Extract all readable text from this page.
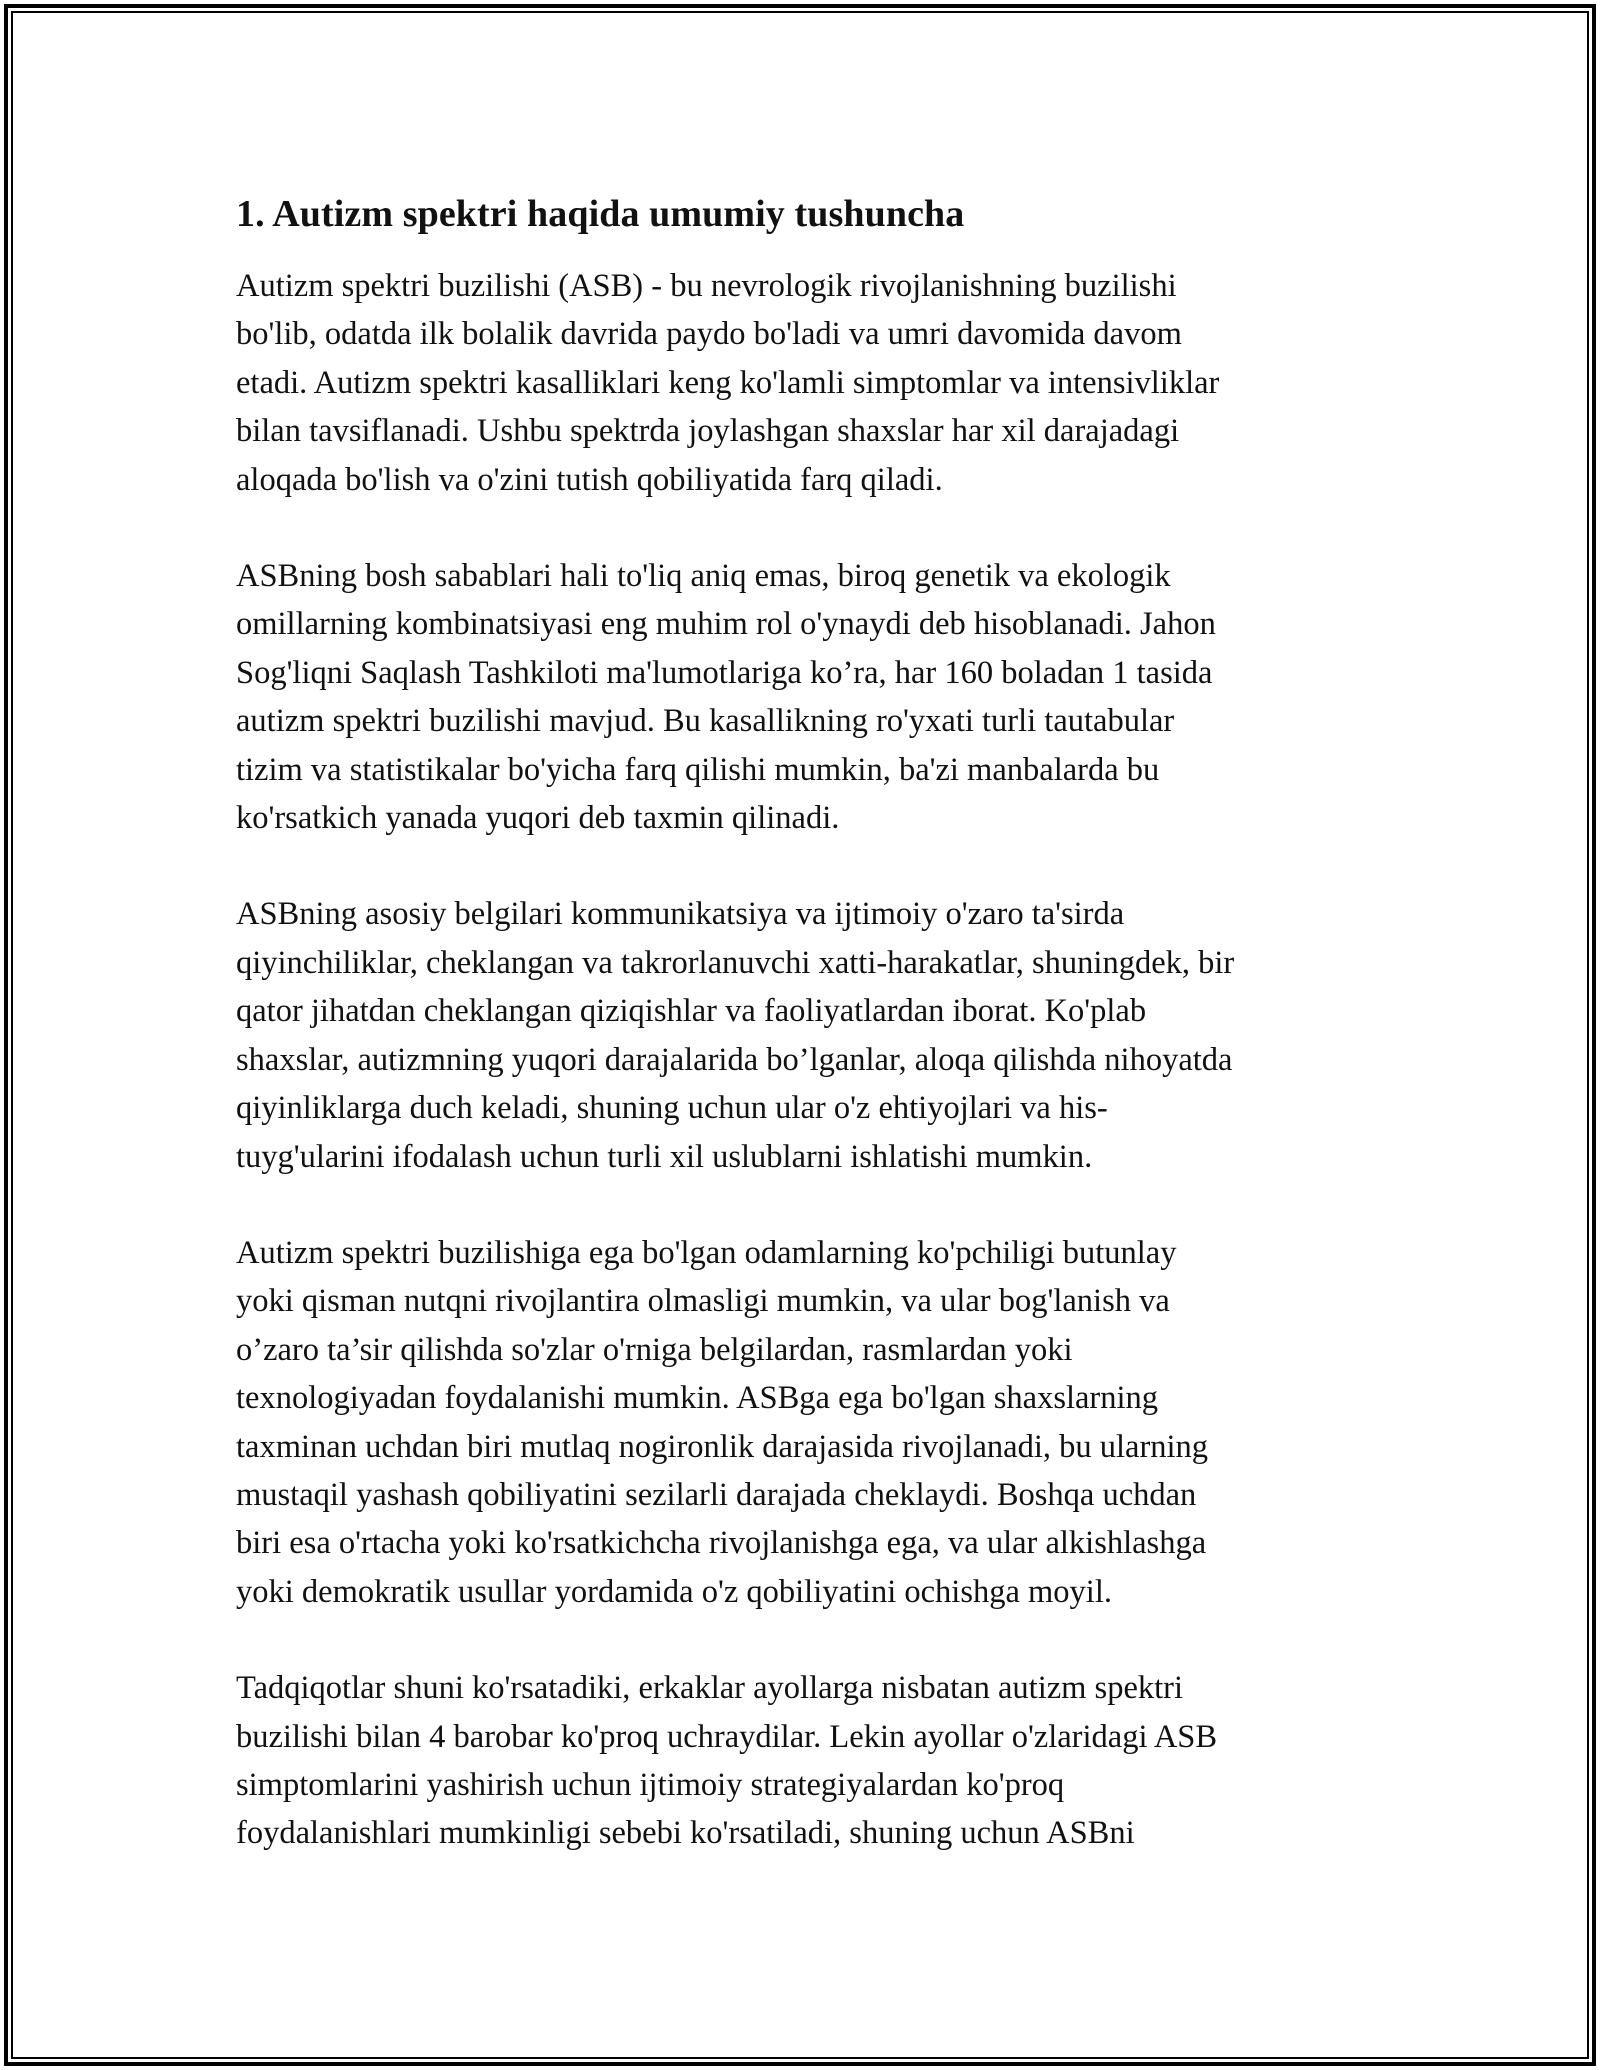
1. Autizm spektri haqida umumiy tushuncha

Autizm spektri buzilishi (ASB) - bu nevrologik rivojlanishning buzilishi
bo'lib, odatda ilk bolalik davrida paydo bo'ladi va umri davomida davom
etadi. Autizm spektri kasalliklari keng ko'lamli simptomlar va intensivliklar
bilan tavsiflanadi. Ushbu spektrda joylashgan shaxslar har xil darajadagi
aloqada bo'lish va o'zini tutish qobiliyatida farq qiladi.

ASBning bosh sabablari hali to'liq aniq emas, biroq genetik va ekologik
omillarning kombinatsiyasi eng muhim rol o'ynaydi deb hisoblanadi. Jahon
Sog'liqni Saqlash Tashkiloti ma'lumotlariga ko’ra, har 160 boladan 1 tasida
autizm spektri buzilishi mavjud. Bu kasallikning ro'yxati turli tautabular
tizim va statistikalar bo'yicha farq qilishi mumkin, ba'zi manbalarda bu
ko'rsatkich yanada yuqori deb taxmin qilinadi.

ASBning asosiy belgilari kommunikatsiya va ijtimoiy o'zaro ta'sirda
qiyinchiliklar, cheklangan va takrorlanuvchi xatti-harakatlar, shuningdek, bir
qator jihatdan cheklangan qiziqishlar va faoliyatlardan iborat. Ko'plab
shaxslar, autizmning yuqori darajalarida bo’lganlar, aloqa qilishda nihoyatda
qiyinliklarga duch keladi, shuning uchun ular o'z ehtiyojlari va his-
tuyg'ularini ifodalash uchun turli xil uslublarni ishlatishi mumkin.

Autizm spektri buzilishiga ega bo'lgan odamlarning ko'pchiligi butunlay
yoki qisman nutqni rivojlantira olmasligi mumkin, va ular bog'lanish va
o’zaro ta’sir qilishda so'zlar o'rniga belgilardan, rasmlardan yoki
texnologiyadan foydalanishi mumkin. ASBga ega bo'lgan shaxslarning
taxminan uchdan biri mutlaq nogironlik darajasida rivojlanadi, bu ularning
mustaqil yashash qobiliyatini sezilarli darajada cheklaydi. Boshqa uchdan
biri esa o'rtacha yoki ko'rsatkichcha rivojlanishga ega, va ular alkishlashga
yoki demokratik usullar yordamida o'z qobiliyatini ochishga moyil.

Tadqiqotlar shuni ko'rsatadiki, erkaklar ayollarga nisbatan autizm spektri
buzilishi bilan 4 barobar ko'proq uchraydilar. Lekin ayollar o'zlaridagi ASB
simptomlarini yashirish uchun ijtimoiy strategiyalardan ko'proq
foydalanishlari mumkinligi sebebi ko'rsatiladi, shuning uchun ASBni
